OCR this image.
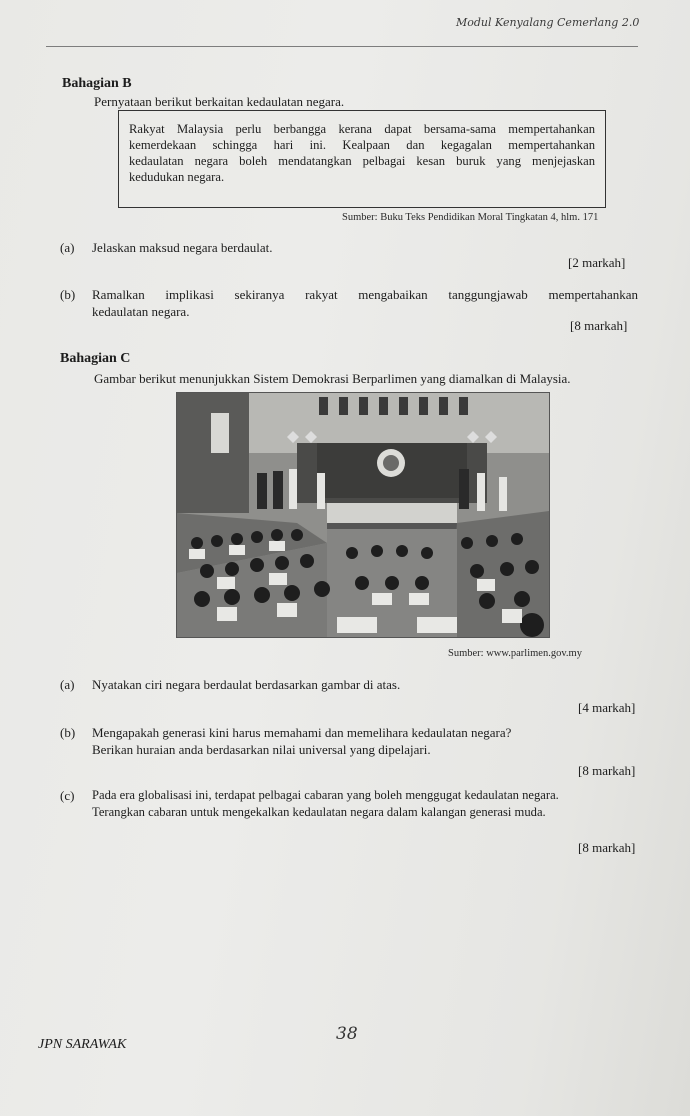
Modul Kenyalang Cemerlang 2.0
Bahagian B
Pernyataan berikut berkaitan kedaulatan negara.
Rakyat Malaysia perlu berbangga kerana dapat bersama-sama mempertahankan
kemerdekaan schingga hari ini. Kealpaan dan kegagalan mempertahankan
kedaulatan negara boleh mendatangkan pelbagai kesan buruk yang menjejaskan
kedudukan negara.
Sumber: Buku Teks Pendidikan Moral Tingkatan 4, hlm. 171
(a) Jelaskan maksud negara berdaulat.
[2 markah]
(b) Ramalkan implikasi sekiranya rakyat mengabaikan tanggungjawab mempertahankan
kedaulatan negara.
[8 markah]
Bahagian C
Gambar berikut menunjukkan Sistem Demokrasi Berparlimen yang diamalkan di Malaysia.
Sumber: www.parlimen.gov.my
(a) Nyatakan ciri negara berdaulat berdasarkan gambar di atas.
[4 markah]
(b) Mengapakah generasi kini harus memahami dan memelihara kedaulatan negara?
Berikan huraian anda berdasarkan nilai universal yang dipelajari.
[8 markah]
(c) Pada era globalisasi ini, terdapat pelbagai cabaran yang boleh menggugat kedaulatan negara.
Terangkan cabaran untuk mengekalkan kedaulatan negara dalam kalangan generasi muda.
[8 markah]
JPN SARAWAK
38
